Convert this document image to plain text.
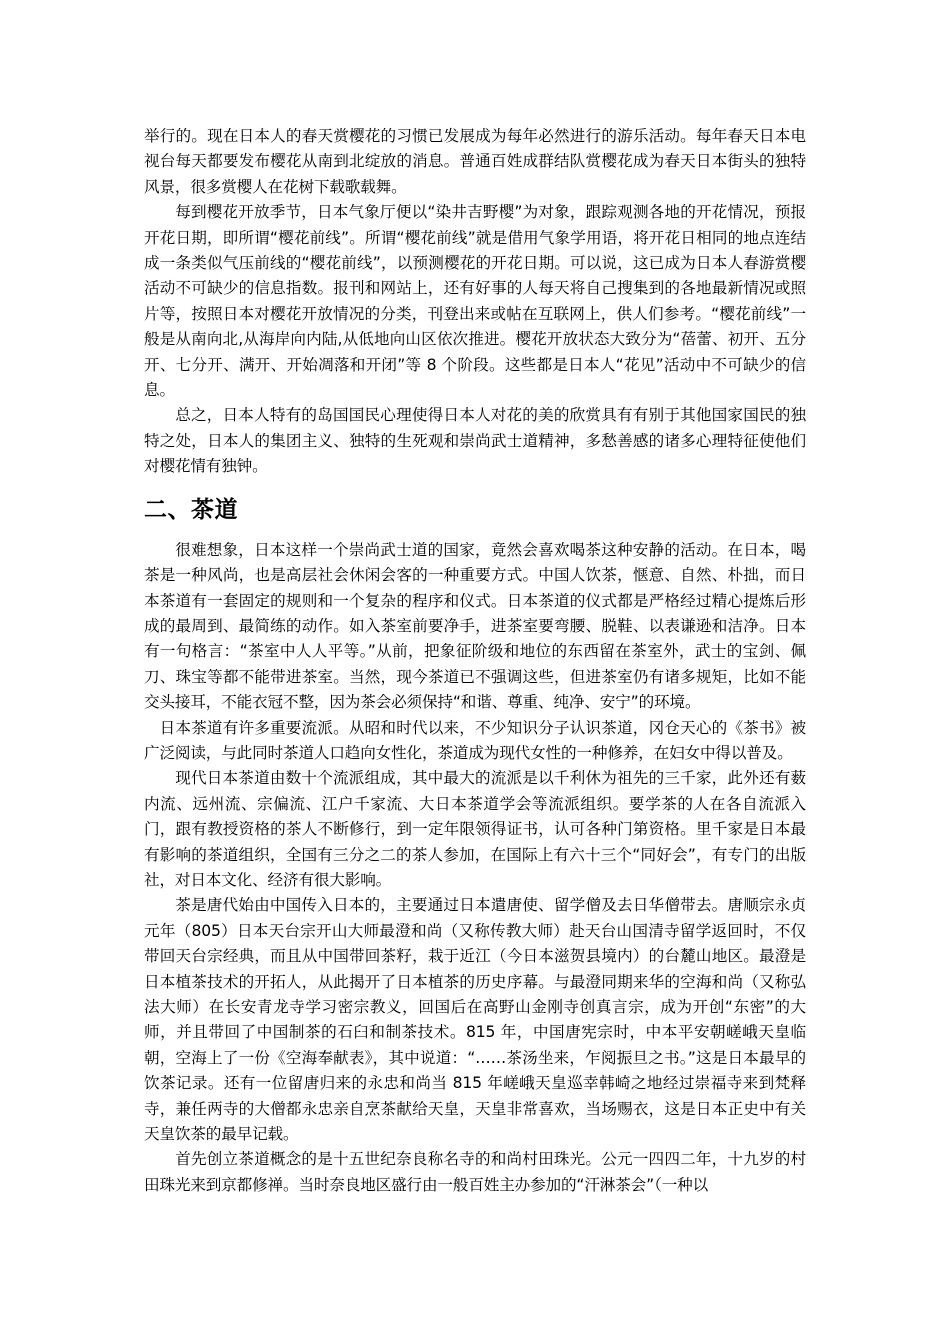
举行的。现在日本人的春天赏樱花的习惯已发展成为每年必然进行的游乐活动。每年春天日本电视台每天都要发布樱花从南到北绽放的消息。普通百姓成群结队赏樱花成为春天日本街头的独特风景，很多赏樱人在花树下载歌载舞。

每到樱花开放季节，日本气象厅便以“染井吉野樱”为对象，跟踪观测各地的开花情况，预报开花日期，即所谓“樱花前线”。所谓“樱花前线”就是借用气象学用语，将开花日相同的地点连结成一条类似气压前线的“樱花前线”，以预测樱花的开花日期。可以说，这已成为日本人春游赏樱活动不可缺少的信息指数。报刊和网站上，还有好事的人每天将自己搜集到的各地最新情况或照片等，按照日本对樱花开放情况的分类，刊登出来或帖在互联网上，供人们参考。“樱花前线”一般是从南向北,从海岸向内陆,从低地向山区依次推进。樱花开放状态大致分为“蓓蕾、初开、五分开、七分开、满开、开始凋落和开闭”等 8 个阶段。这些都是日本人“花见”活动中不可缺少的信息。

总之，日本人特有的岛国国民心理使得日本人对花的美的欣赏具有有别于其他国家国民的独特之处，日本人的集团主义、独特的生死观和崇尚武士道精神，多愁善感的诸多心理特征使他们对樱花情有独钟。

二、茶道

很难想象，日本这样一个崇尚武士道的国家，竟然会喜欢喝茶这种安静的活动。在日本，喝茶是一种风尚，也是高层社会休闲会客的一种重要方式。中国人饮茶，惬意、自然、朴拙，而日本茶道有一套固定的规则和一个复杂的程序和仪式。日本茶道的仪式都是严格经过精心提炼后形成的最周到、最简练的动作。如入茶室前要净手，进茶室要弯腰、脱鞋、以表谦逊和洁净。日本有一句格言：“茶室中人人平等。”从前，把象征阶级和地位的东西留在茶室外，武士的宝剑、佩刀、珠宝等都不能带进茶室。当然，现今茶道已不强调这些，但进茶室仍有诸多规矩，比如不能交头接耳，不能衣冠不整，因为茶会必须保持“和谐、尊重、纯净、安宁”的环境。

日本茶道有许多重要流派。从昭和时代以来，不少知识分子认识茶道，冈仓天心的《茶书》被广泛阅读，与此同时茶道人口趋向女性化，茶道成为现代女性的一种修养，在妇女中得以普及。

现代日本茶道由数十个流派组成，其中最大的流派是以千利休为祖先的三千家，此外还有薮内流、远州流、宗偏流、江户千家流、大日本茶道学会等流派组织。要学茶的人在各自流派入门，跟有教授资格的茶人不断修行，到一定年限领得证书，认可各种门第资格。里千家是日本最有影响的茶道组织，全国有三分之二的茶人参加，在国际上有六十三个“同好会”，有专门的出版社，对日本文化、经济有很大影响。

茶是唐代始由中国传入日本的，主要通过日本遣唐使、留学僧及去日华僧带去。唐顺宗永贞元年（805）日本天台宗开山大师最澄和尚（又称传教大师）赴天台山国清寺留学返回时，不仅带回天台宗经典，而且从中国带回茶籽，栽于近江（今日本滋贺县境内）的台麓山地区。最澄是日本植茶技术的开拓人，从此揭开了日本植茶的历史序幕。与最澄同期来华的空海和尚（又称弘法大师）在长安青龙寺学习密宗教义，回国后在高野山金刚寺创真言宗，成为开创“东密”的大师，并且带回了中国制茶的石臼和制茶技术。815 年，中国唐宪宗时，中本平安朝嵯峨天皇临朝，空海上了一份《空海奉献表》，其中说道：“……茶汤坐来，乍阅振旦之书。”这是日本最早的饮茶记录。还有一位留唐归来的永忠和尚当 815 年嵯峨天皇巡幸韩崎之地经过崇福寺来到梵释寺，兼任两寺的大僧都永忠亲自烹茶献给天皇，天皇非常喜欢，当场赐衣，这是日本正史中有关天皇饮茶的最早记载。

首先创立茶道概念的是十五世纪奈良称名寺的和尚村田珠光。公元一四四二年，十九岁的村田珠光来到京都修禅。当时奈良地区盛行由一般百姓主办参加的“汗淋茶会”（一种以
